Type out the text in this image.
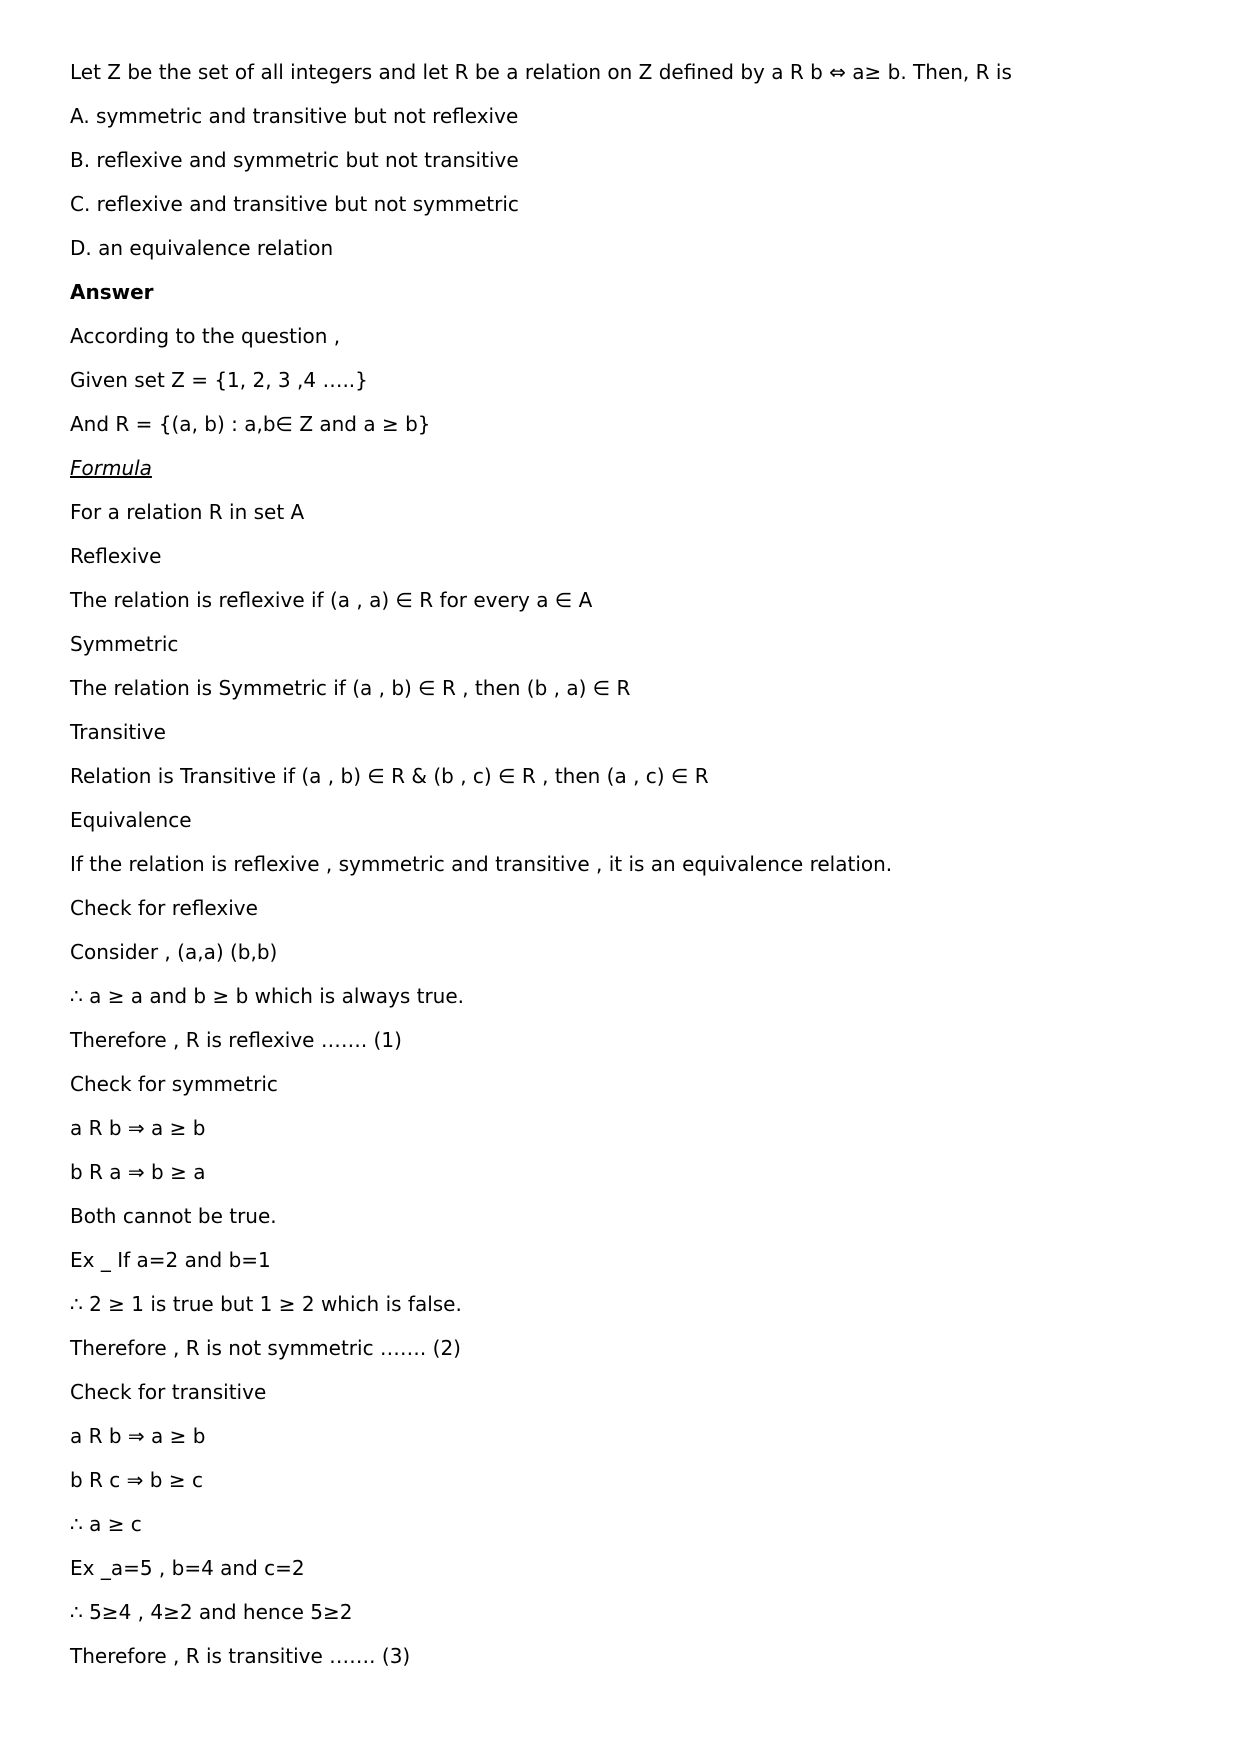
Let Z be the set of all integers and let R be a relation on Z defined by a R b ⇔ a≥ b. Then, R is
A. symmetric and transitive but not reflexive
B. reflexive and symmetric but not transitive
C. reflexive and transitive but not symmetric
D. an equivalence relation
Answer
According to the question ,
Given set Z = {1, 2, 3 ,4 …..}
And R = {(a, b) : a,b∈ Z and a ≥ b}
Formula
For a relation R in set A
Reflexive
The relation is reflexive if (a , a) ∈ R for every a ∈ A
Symmetric
The relation is Symmetric if (a , b) ∈ R , then (b , a) ∈ R
Transitive
Relation is Transitive if (a , b) ∈ R & (b , c) ∈ R , then (a , c) ∈ R
Equivalence
If the relation is reflexive , symmetric and transitive , it is an equivalence relation.
Check for reflexive
Consider , (a,a) (b,b)
∴ a ≥ a and b ≥ b which is always true.
Therefore , R is reflexive ……. (1)
Check for symmetric
a R b ⇒ a ≥ b
b R a ⇒ b ≥ a
Both cannot be true.
Ex _ If a=2 and b=1
∴ 2 ≥ 1 is true but 1 ≥ 2 which is false.
Therefore , R is not symmetric ……. (2)
Check for transitive
a R b ⇒ a ≥ b
b R c ⇒ b ≥ c
∴ a ≥ c
Ex _a=5 , b=4 and c=2
∴ 5≥4 , 4≥2 and hence 5≥2
Therefore , R is transitive ……. (3)
